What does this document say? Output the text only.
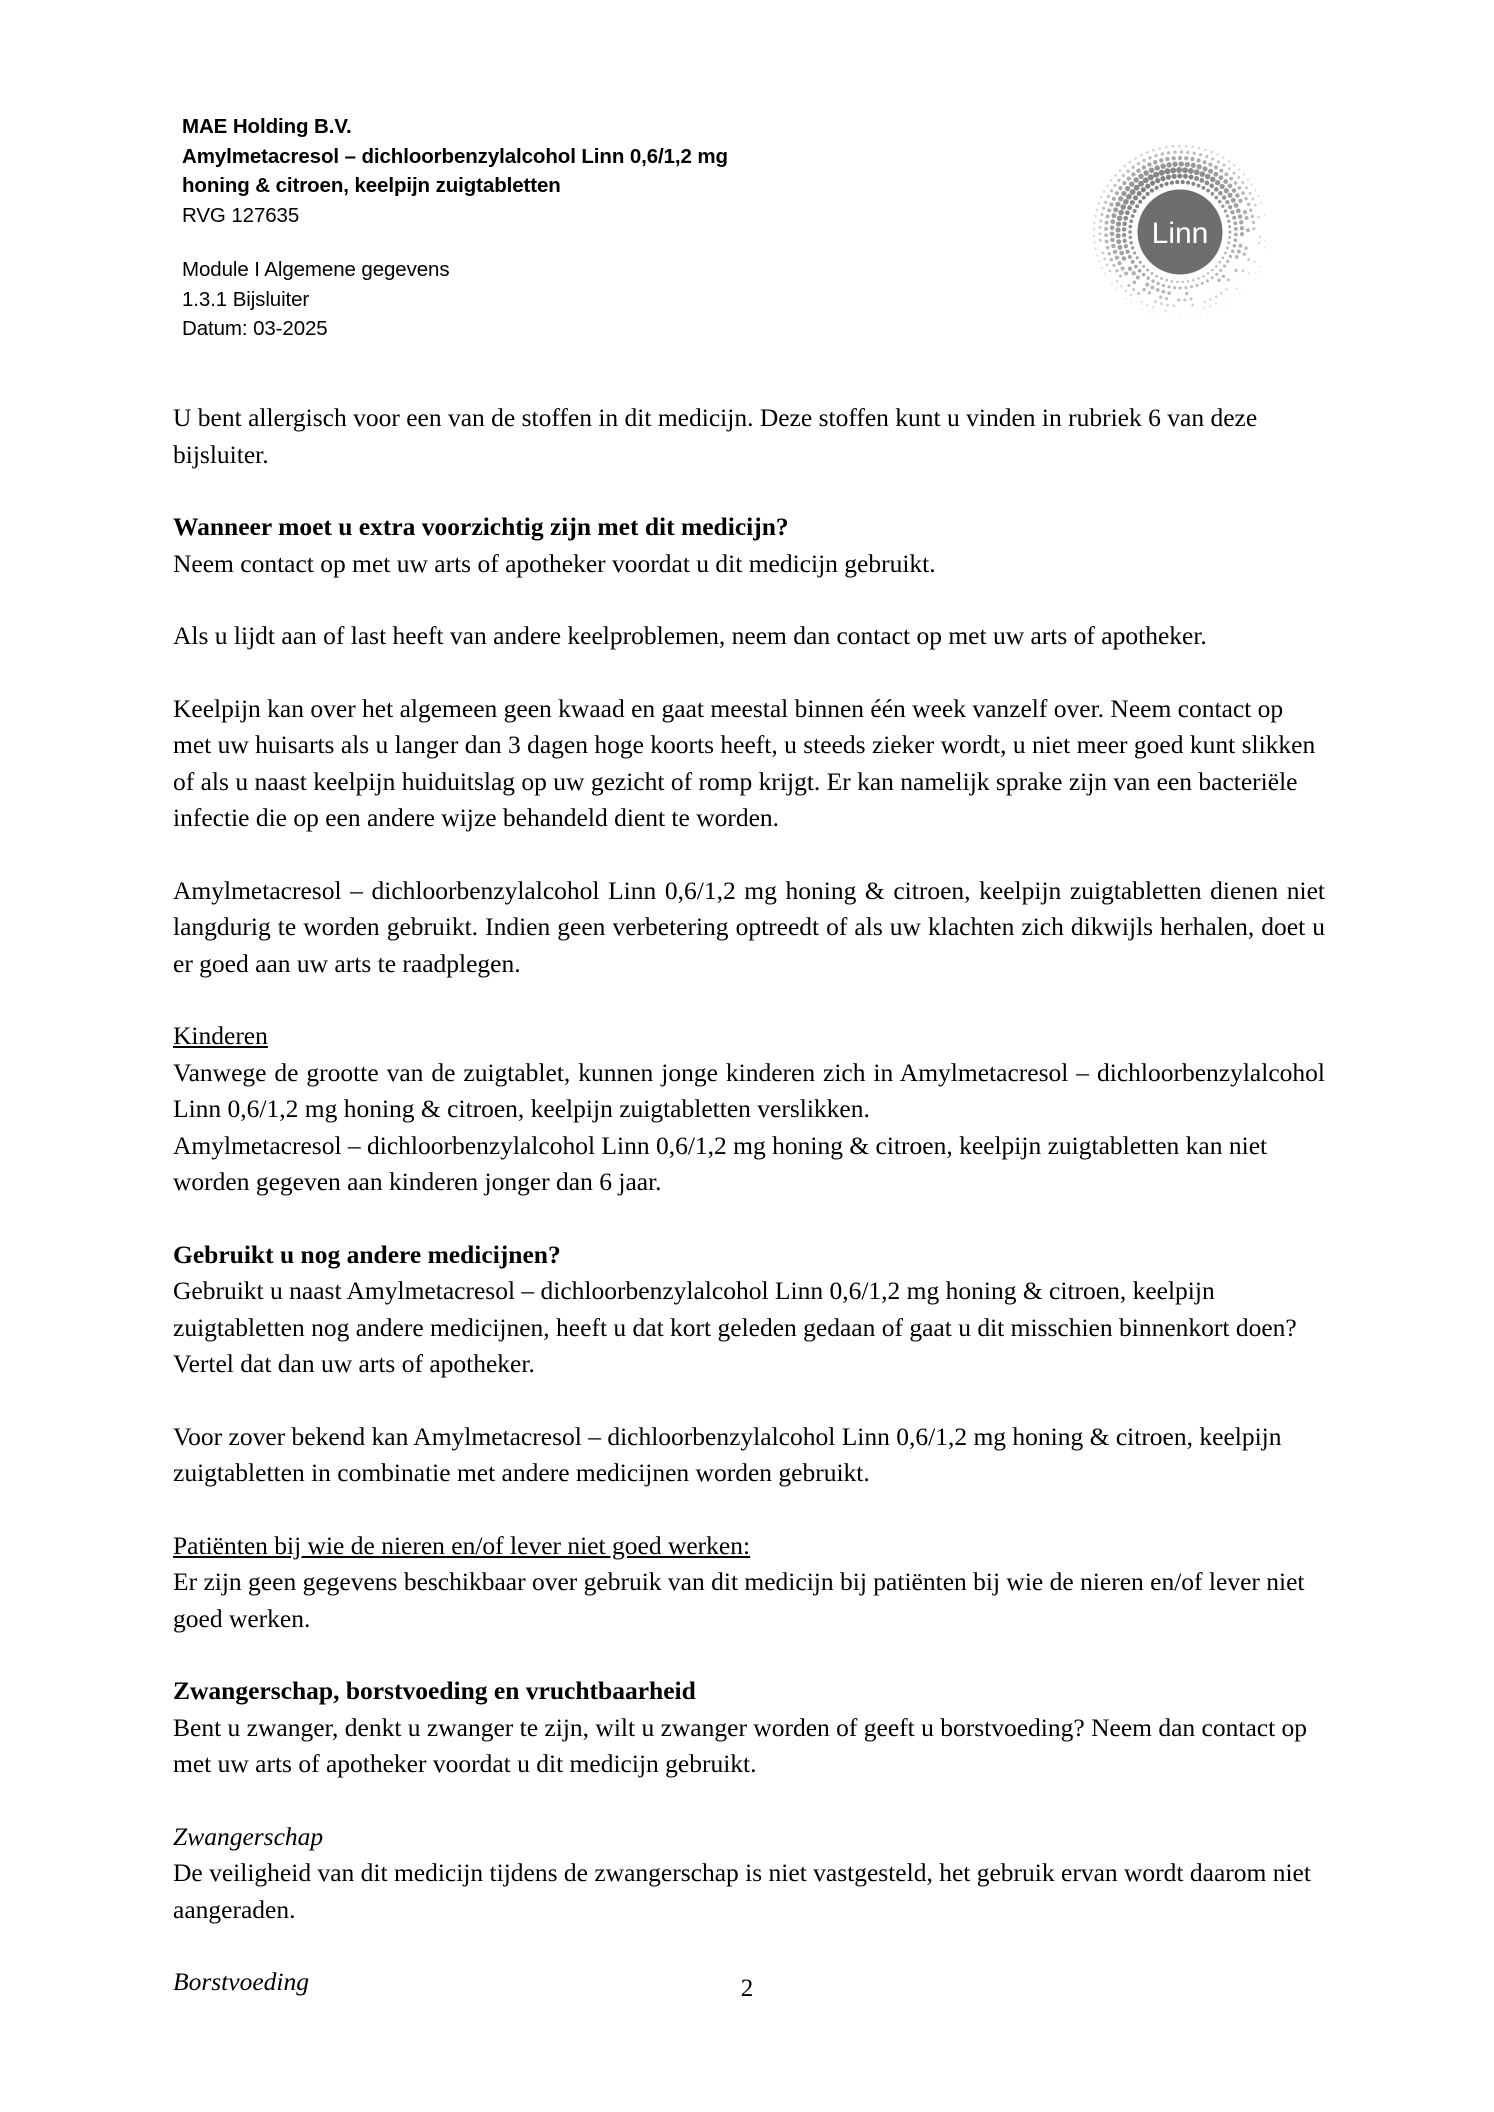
MAE Holding B.V.
Amylmetacresol – dichloorbenzylalcohol Linn 0,6/1,2 mg
honing & citroen, keelpijn zuigtabletten
RVG 127635
Module I Algemene gegevens
1.3.1 Bijsluiter
Datum: 03-2025
Linn

U bent allergisch voor een van de stoffen in dit medicijn. Deze stoffen kunt u vinden in rubriek 6 van deze bijsluiter.

Wanneer moet u extra voorzichtig zijn met dit medicijn?

Neem contact op met uw arts of apotheker voordat u dit medicijn gebruikt.

Als u lijdt aan of last heeft van andere keelproblemen, neem dan contact op met uw arts of apotheker.

Keelpijn kan over het algemeen geen kwaad en gaat meestal binnen één week vanzelf over. Neem contact op met uw huisarts als u langer dan 3 dagen hoge koorts heeft, u steeds zieker wordt, u niet meer goed kunt slikken of als u naast keelpijn huiduitslag op uw gezicht of romp krijgt. Er kan namelijk sprake zijn van een bacteriële infectie die op een andere wijze behandeld dient te worden.

Amylmetacresol – dichloorbenzylalcohol Linn 0,6/1,2 mg honing & citroen, keelpijn zuigtabletten dienen niet langdurig te worden gebruikt. Indien geen verbetering optreedt of als uw klachten zich dikwijls herhalen, doet u er goed aan uw arts te raadplegen.

Kinderen

Vanwege de grootte van de zuigtablet, kunnen jonge kinderen zich in Amylmetacresol – dichloorbenzylalcohol Linn 0,6/1,2 mg honing & citroen, keelpijn zuigtabletten verslikken.

Amylmetacresol – dichloorbenzylalcohol Linn 0,6/1,2 mg honing & citroen, keelpijn zuigtabletten kan niet worden gegeven aan kinderen jonger dan 6 jaar.

Gebruikt u nog andere medicijnen?

Gebruikt u naast Amylmetacresol – dichloorbenzylalcohol Linn 0,6/1,2 mg honing & citroen, keelpijn zuigtabletten nog andere medicijnen, heeft u dat kort geleden gedaan of gaat u dit misschien binnenkort doen? Vertel dat dan uw arts of apotheker.

Voor zover bekend kan Amylmetacresol – dichloorbenzylalcohol Linn 0,6/1,2 mg honing & citroen, keelpijn zuigtabletten in combinatie met andere medicijnen worden gebruikt.

Patiënten bij wie de nieren en/of lever niet goed werken:

Er zijn geen gegevens beschikbaar over gebruik van dit medicijn bij patiënten bij wie de nieren en/of lever niet goed werken.

Zwangerschap, borstvoeding en vruchtbaarheid

Bent u zwanger, denkt u zwanger te zijn, wilt u zwanger worden of geeft u borstvoeding? Neem dan contact op met uw arts of apotheker voordat u dit medicijn gebruikt.

Zwangerschap

De veiligheid van dit medicijn tijdens de zwangerschap is niet vastgesteld, het gebruik ervan wordt daarom niet aangeraden.

Borstvoeding	2
